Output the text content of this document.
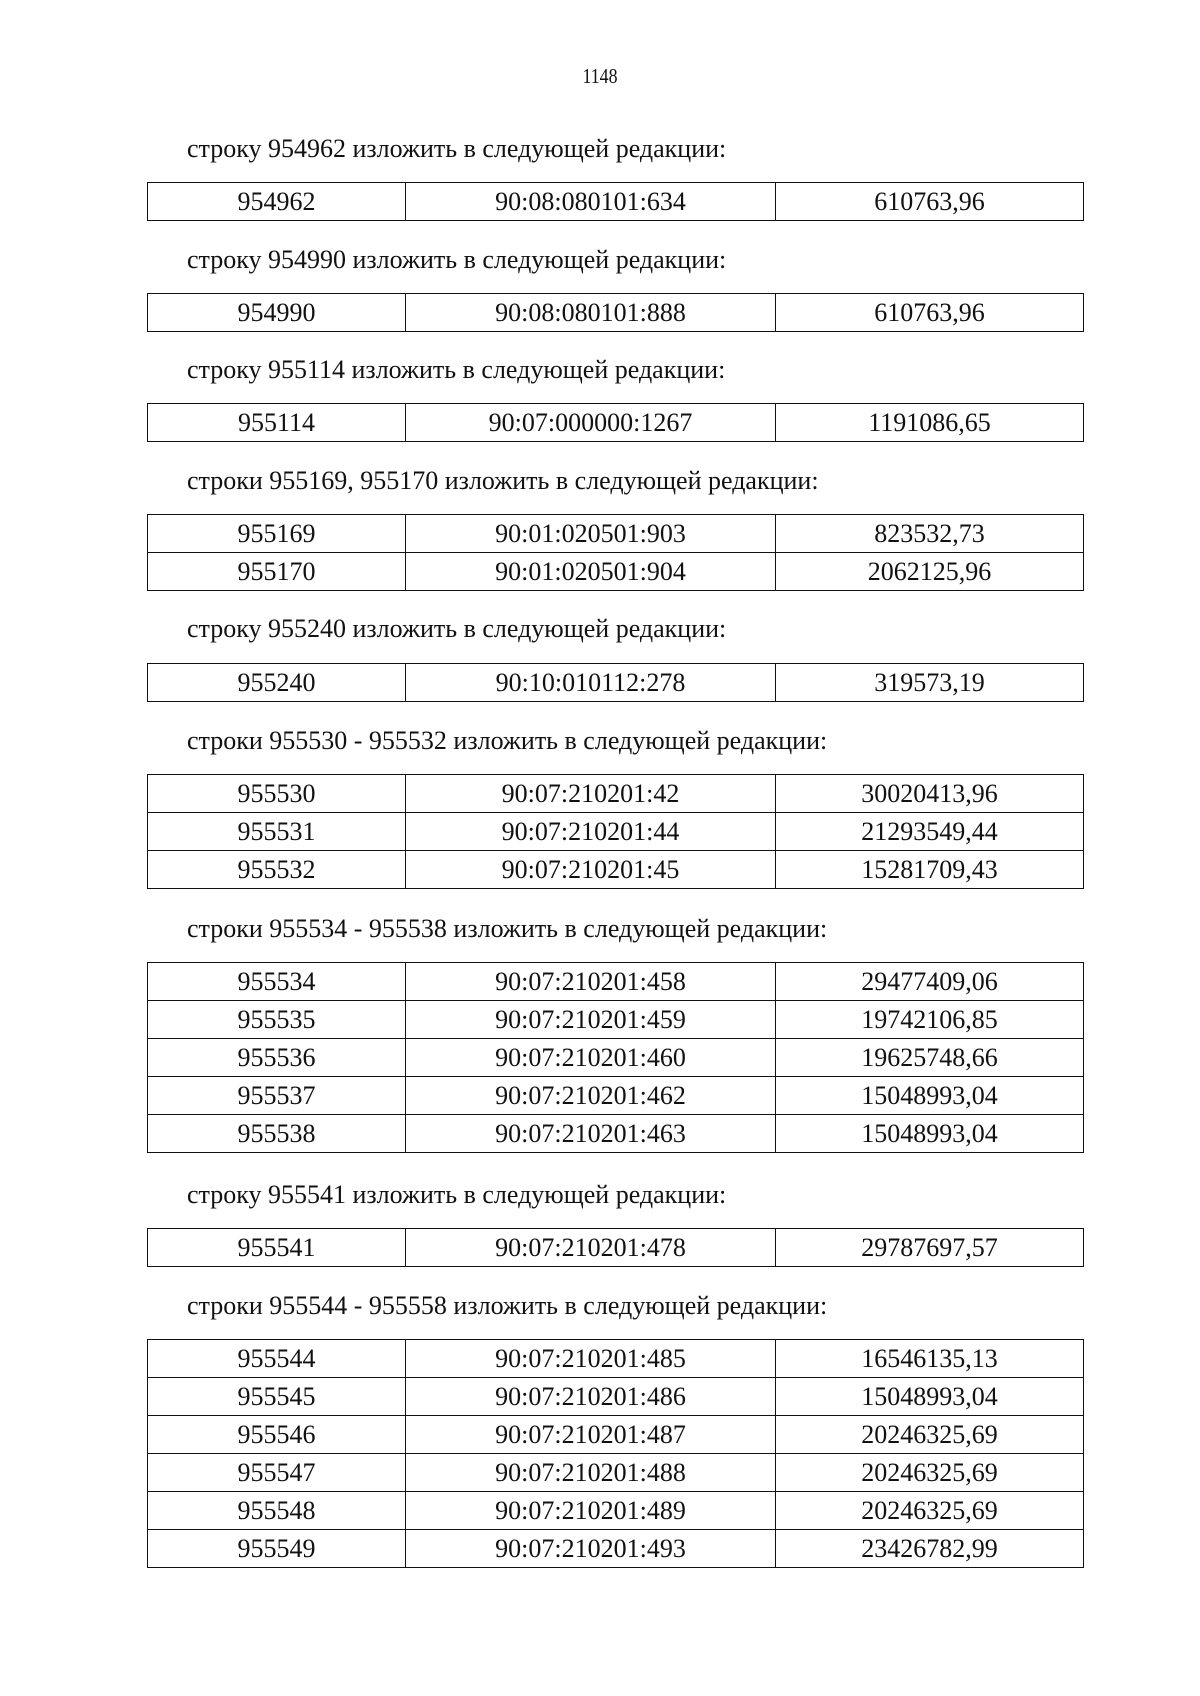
1148
строку 954962 изложить в следующей редакции:
954962	90:08:080101:634	610763,96
строку 954990 изложить в следующей редакции:
954990	90:08:080101:888	610763,96
строку 955114 изложить в следующей редакции:
955114	90:07:000000:1267	1191086,65
строки 955169, 955170 изложить в следующей редакции:
955169	90:01:020501:903	823532,73
955170	90:01:020501:904	2062125,96
строку 955240 изложить в следующей редакции:
955240	90:10:010112:278	319573,19
строки 955530 - 955532 изложить в следующей редакции:
955530	90:07:210201:42	30020413,96
955531	90:07:210201:44	21293549,44
955532	90:07:210201:45	15281709,43
строки 955534 - 955538 изложить в следующей редакции:
955534	90:07:210201:458	29477409,06
955535	90:07:210201:459	19742106,85
955536	90:07:210201:460	19625748,66
955537	90:07:210201:462	15048993,04
955538	90:07:210201:463	15048993,04
строку 955541 изложить в следующей редакции:
955541	90:07:210201:478	29787697,57
строки 955544 - 955558 изложить в следующей редакции:
955544	90:07:210201:485	16546135,13
955545	90:07:210201:486	15048993,04
955546	90:07:210201:487	20246325,69
955547	90:07:210201:488	20246325,69
955548	90:07:210201:489	20246325,69
955549	90:07:210201:493	23426782,99
